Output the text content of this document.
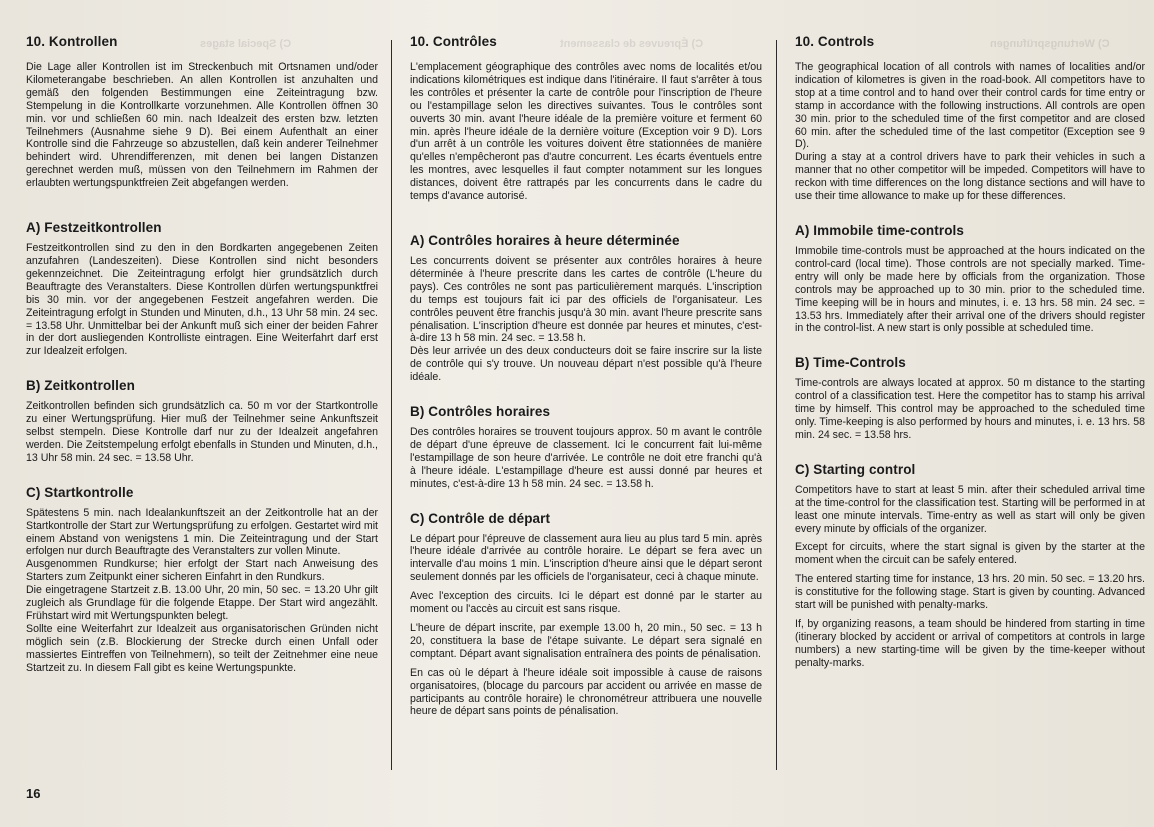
C) Special stages	C) Épreuves de classement	C) Wertungsprüfungen
10. Kontrollen

Die Lage aller Kontrollen ist im Streckenbuch mit Ortsnamen und/oder Kilometerangabe beschrieben. An allen Kontrollen ist anzuhalten und gemäß den folgenden Bestimmungen eine Zeiteintragung bzw. Stempelung in die Kontrollkarte vorzunehmen. Alle Kontrollen öffnen 30 min. vor und schließen 60 min. nach Idealzeit des ersten bzw. letzten Teilnehmers (Ausnahme siehe 9 D). Bei einem Aufenthalt an einer Kontrolle sind die Fahrzeuge so abzustellen, daß kein anderer Teilnehmer behindert wird. Uhrendifferenzen, mit denen bei langen Distanzen gerechnet werden muß, müssen von den Teilnehmern im Rahmen der erlaubten wertungspunktfreien Zeit abgefangen werden.

A) Festzeitkontrollen

Festzeitkontrollen sind zu den in den Bordkarten angegebenen Zeiten anzufahren (Landeszeiten). Diese Kontrollen sind nicht besonders gekennzeichnet. Die Zeiteintragung erfolgt hier grundsätzlich durch Beauftragte des Veranstalters. Diese Kontrollen dürfen wertungspunktfrei bis 30 min. vor der angegebenen Festzeit angefahren werden. Die Zeiteintragung erfolgt in Stunden und Minuten, d.h., 13 Uhr 58 min. 24 sec. = 13.58 Uhr. Unmittelbar bei der Ankunft muß sich einer der beiden Fahrer in der dort ausliegenden Kontrolliste eintragen. Eine Weiterfahrt darf erst zur Idealzeit erfolgen.

B) Zeitkontrollen

Zeitkontrollen befinden sich grundsätzlich ca. 50 m vor der Startkontrolle zu einer Wertungsprüfung. Hier muß der Teilnehmer seine Ankunftszeit selbst stempeln. Diese Kontrolle darf nur zu der Idealzeit angefahren werden. Die Zeitstempelung erfolgt ebenfalls in Stunden und Minuten, d.h., 13 Uhr 58 min. 24 sec. = 13.58 Uhr.

C) Startkontrolle

Spätestens 5 min. nach Idealankunftszeit an der Zeitkontrolle hat an der Startkontrolle der Start zur Wertungsprüfung zu erfolgen. Gestartet wird mit einem Abstand von wenigstens 1 min. Die Zeiteintragung und der Start erfolgen nur durch Beauftragte des Veranstalters zur vollen Minute.

Ausgenommen Rundkurse; hier erfolgt der Start nach Anweisung des Starters zum Zeitpunkt einer sicheren Einfahrt in den Rundkurs.

Die eingetragene Startzeit z.B. 13.00 Uhr, 20 min, 50 sec. = 13.20 Uhr gilt zugleich als Grundlage für die folgende Etappe. Der Start wird angezählt. Frühstart wird mit Wertungspunkten belegt.

Sollte eine Weiterfahrt zur Idealzeit aus organisatorischen Gründen nicht möglich sein (z.B. Blockierung der Strecke durch einen Unfall oder massiertes Eintreffen von Teilnehmern), so teilt der Zeitnehmer eine neue Startzeit zu. In diesem Fall gibt es keine Wertungspunkte.

10. Contrôles

L'emplacement géographique des contrôles avec noms de localités et/ou indications kilométriques est indique dans l'itinéraire. Il faut s'arrêter à tous les contrôles et présenter la carte de contrôle pour l'inscription de l'heure ou l'estampillage selon les directives suivantes. Tous le contrôles sont ouverts 30 min. avant l'heure idéale de la première voiture et ferment 60 min. après l'heure idéale de la dernière voiture (Exception voir 9 D). Lors d'un arrêt à un contrôle les voitures doivent être stationnées de manière qu'elles n'empêcheront pas d'autre concurrent. Les écarts éventuels entre les montres, avec lesquelles il faut compter notamment sur les longues distances, doivent être rattrapés par les concurrents dans le cadre du temps d'avance autorisé.

A) Contrôles horaires à heure déterminée

Les concurrents doivent se présenter aux contrôles horaires à heure déterminée à l'heure prescrite dans les cartes de contrôle (L'heure du pays). Ces contrôles ne sont pas particulièrement marqués. L'inscription du temps est toujours fait ici par des officiels de l'organisateur. Les contrôles peuvent être franchis jusqu'à 30 min. avant l'heure prescrite sans pénalisation. L'inscription d'heure est donnée par heures et minutes, c'est-à-dire 13 h 58 min. 24 sec. = 13.58 h.

Dès leur arrivée un des deux conducteurs doit se faire inscrire sur la liste de contrôle qui s'y trouve. Un nouveau départ n'est possible qu'à l'heure idéale.

B) Contrôles horaires

Des contrôles horaires se trouvent toujours approx. 50 m avant le contrôle de départ d'une épreuve de classement. Ici le concurrent fait lui-même l'estampillage de son heure d'arrivée. Le contrôle ne doit etre franchi qu'à à l'heure idéale. L'estampillage d'heure est aussi donné par heures et minutes, c'est-à-dire 13 h 58 min. 24 sec. = 13.58 h.

C) Contrôle de départ

Le départ pour l'épreuve de classement aura lieu au plus tard 5 min. après l'heure idéale d'arrivée au contrôle horaire. Le départ se fera avec un intervalle d'au moins 1 min. L'inscription d'heure ainsi que le départ seront seulement donnés par les officiels de l'organisateur, ceci à chaque minute.

Avec l'exception des circuits. Ici le départ est donné par le starter au moment ou l'accès au circuit est sans risque.

L'heure de départ inscrite, par exemple 13.00 h, 20 min., 50 sec. = 13 h 20, constituera la base de l'étape suivante. Le départ sera signalé en comptant. Départ avant signalisation entraînera des points de pénalisation.

En cas où le départ à l'heure idéale soit impossible à cause de raisons organisatoires, (blocage du parcours par accident ou arrivée en masse de participants au contrôle horaire) le chronométreur attribuera une nouvelle heure de départ sans points de pénalisation.

10. Controls

The geographical location of all controls with names of localities and/or indication of kilometres is given in the road-book. All competitors have to stop at a time control and to hand over their control cards for time entry or stamp in accordance with the following instructions. All controls are open 30 min. prior to the scheduled time of the first competitor and are closed 60 min. after the scheduled time of the last competitor (Exception see 9 D).

During a stay at a control drivers have to park their vehicles in such a manner that no other competitor will be impeded. Competitors will have to reckon with time differences on the long distance sections and will have to use their time allowance to make up for these differences.

A) Immobile time-controls

Immobile time-controls must be approached at the hours indicated on the control-card (local time). Those controls are not specially marked. Time-entry will only be made here by officials from the organization. Those controls may be approached up to 30 min. prior to the scheduled time. Time keeping will be in hours and minutes, i. e. 13 hrs. 58 min. 24 sec. = 13.53 hrs. Immediately after their arrival one of the drivers should register in the control-list. A new start is only possible at scheduled time.

B) Time-Controls

Time-controls are always located at approx. 50 m distance to the starting control of a classification test. Here the competitor has to stamp his arrival time by himself. This control may be approached to the scheduled time only. Time-keeping is also performed by hours and minutes, i. e. 13 hrs. 58 min. 24 sec. = 13.58 hrs.

C) Starting control

Competitors have to start at least 5 min. after their scheduled arrival time at the time-control for the classification test. Starting will be performed in at least one minute intervals. Time-entry as well as start will only be given every minute by officials of the organizer.

Except for circuits, where the start signal is given by the starter at the moment when the circuit can be safely entered.

The entered starting time for instance, 13 hrs. 20 min. 50 sec. = 13.20 hrs. is constitutive for the following stage. Start is given by counting. Advanced start will be punished with penalty-marks.

If, by organizing reasons, a team should be hindered from starting in time (itinerary blocked by accident or arrival of competitors at controls in large numbers) a new starting-time will be given by the time-keeper without penalty-marks.

16
